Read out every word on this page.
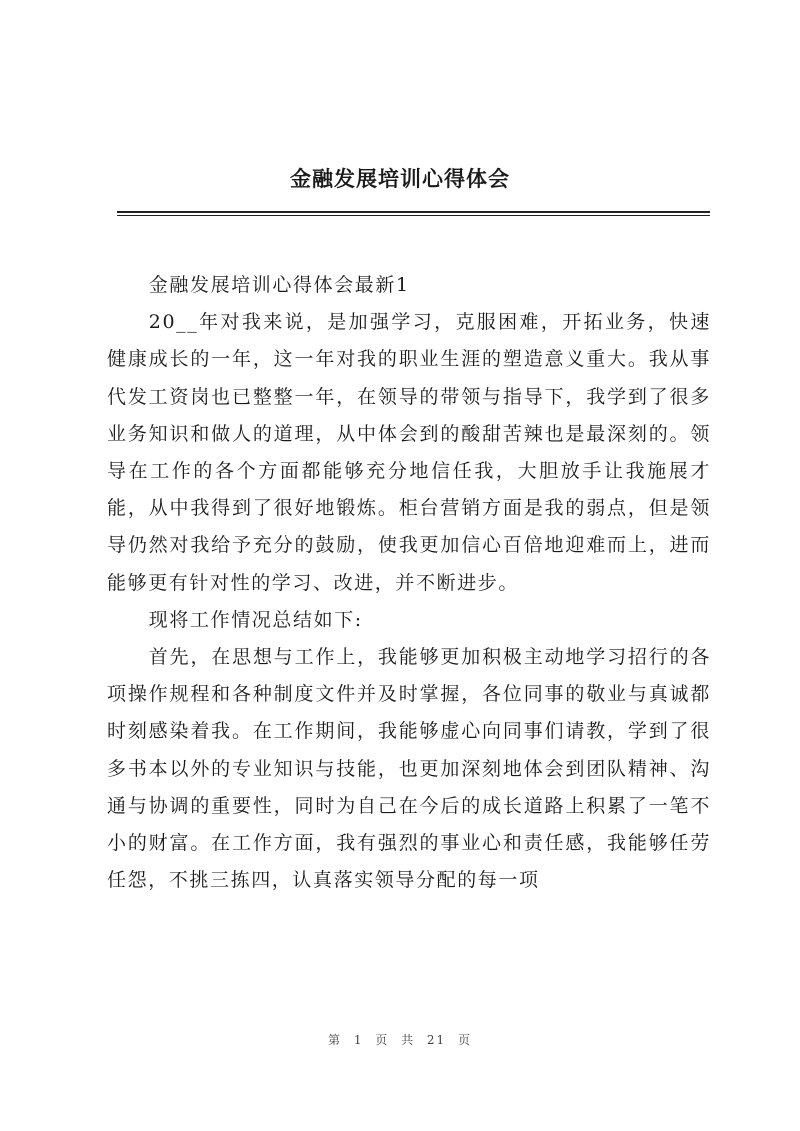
金融发展培训心得体会

金融发展培训心得体会最新1

20__年对我来说，是加强学习，克服困难，开拓业务，快速健康成长的一年，这一年对我的职业生涯的塑造意义重大。我从事代发工资岗也已整整一年，在领导的带领与指导下，我学到了很多业务知识和做人的道理，从中体会到的酸甜苦辣也是最深刻的。领导在工作的各个方面都能够充分地信任我，大胆放手让我施展才能，从中我得到了很好地锻炼。柜台营销方面是我的弱点，但是领导仍然对我给予充分的鼓励，使我更加信心百倍地迎难而上，进而能够更有针对性的学习、改进，并不断进步。

现将工作情况总结如下:

首先，在思想与工作上，我能够更加积极主动地学习招行的各项操作规程和各种制度文件并及时掌握，各位同事的敬业与真诚都时刻感染着我。在工作期间，我能够虚心向同事们请教，学到了很多书本以外的专业知识与技能，也更加深刻地体会到团队精神、沟通与协调的重要性，同时为自己在今后的成长道路上积累了一笔不小的财富。在工作方面，我有强烈的事业心和责任感，我能够任劳任怨，不挑三拣四，认真落实领导分配的每一项

第 1 页 共 21 页
